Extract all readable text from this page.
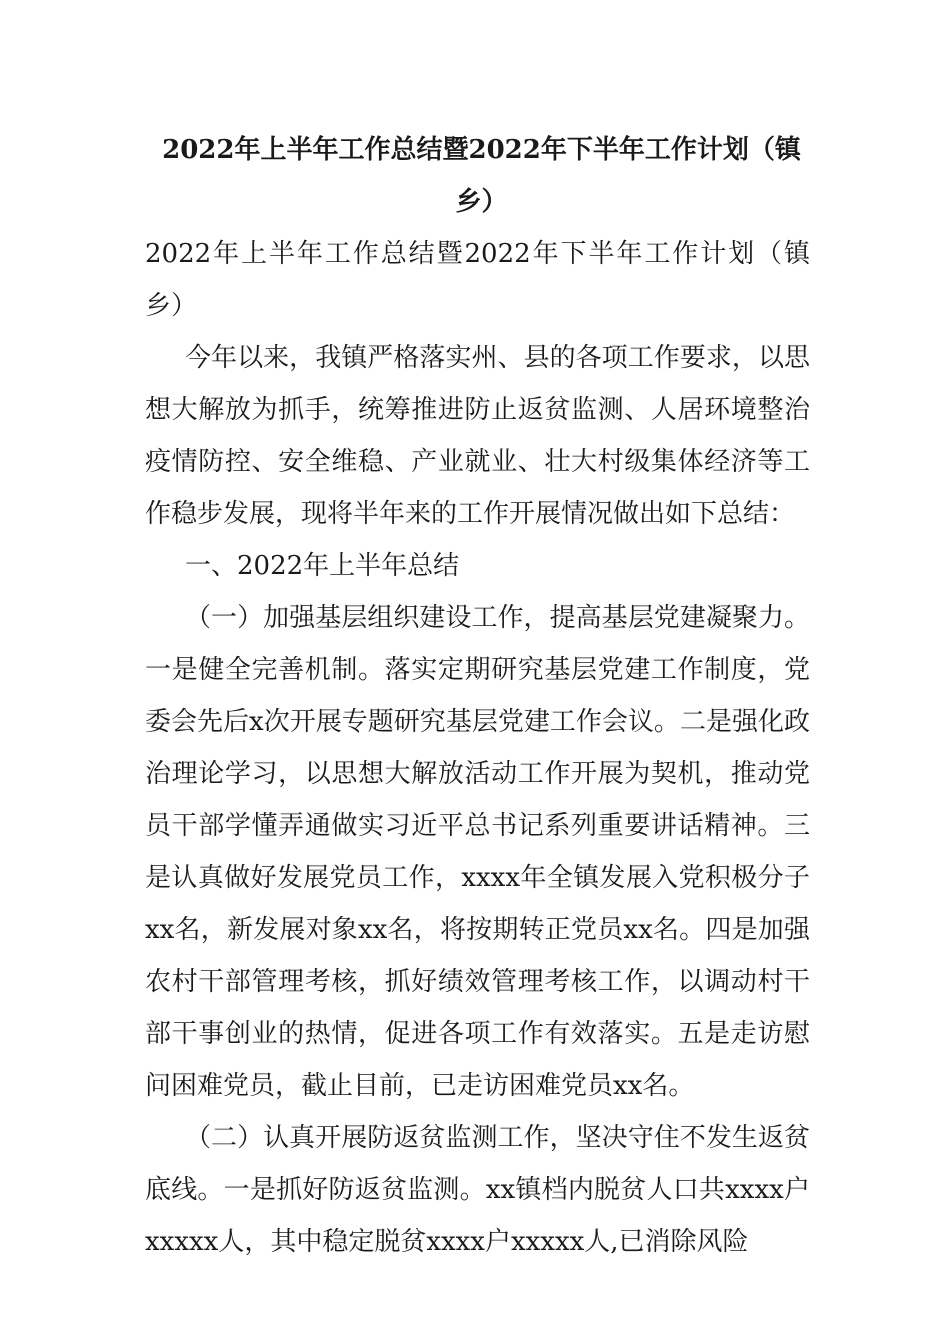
2022年上半年工作总结暨2022年下半年工作计划（镇乡）
2022年上半年工作总结暨2022年下半年工作计划（镇乡）

今年以来，我镇严格落实州、县的各项工作要求，以思想大解放为抓手，统筹推进防止返贫监测、人居环境整治疫情防控、安全维稳、产业就业、壮大村级集体经济等工作稳步发展，现将半年来的工作开展情况做出如下总结：

一、2022年上半年总结

（一）加强基层组织建设工作，提高基层党建凝聚力。一是健全完善机制。落实定期研究基层党建工作制度，党委会先后x次开展专题研究基层党建工作会议。二是强化政治理论学习，以思想大解放活动工作开展为契机，推动党员干部学懂弄通做实习近平总书记系列重要讲话精神。三是认真做好发展党员工作，xxxx年全镇发展入党积极分子xx名，新发展对象xx名，将按期转正党员xx名。四是加强农村干部管理考核，抓好绩效管理考核工作，以调动村干部干事创业的热情，促进各项工作有效落实。五是走访慰问困难党员，截止目前，已走访困难党员xx名。

（二）认真开展防返贫监测工作，坚决守住不发生返贫底线。一是抓好防返贫监测。xx镇档内脱贫人口共xxxx户xxxxx人，其中稳定脱贫xxxx户xxxxx人,已消除风险
